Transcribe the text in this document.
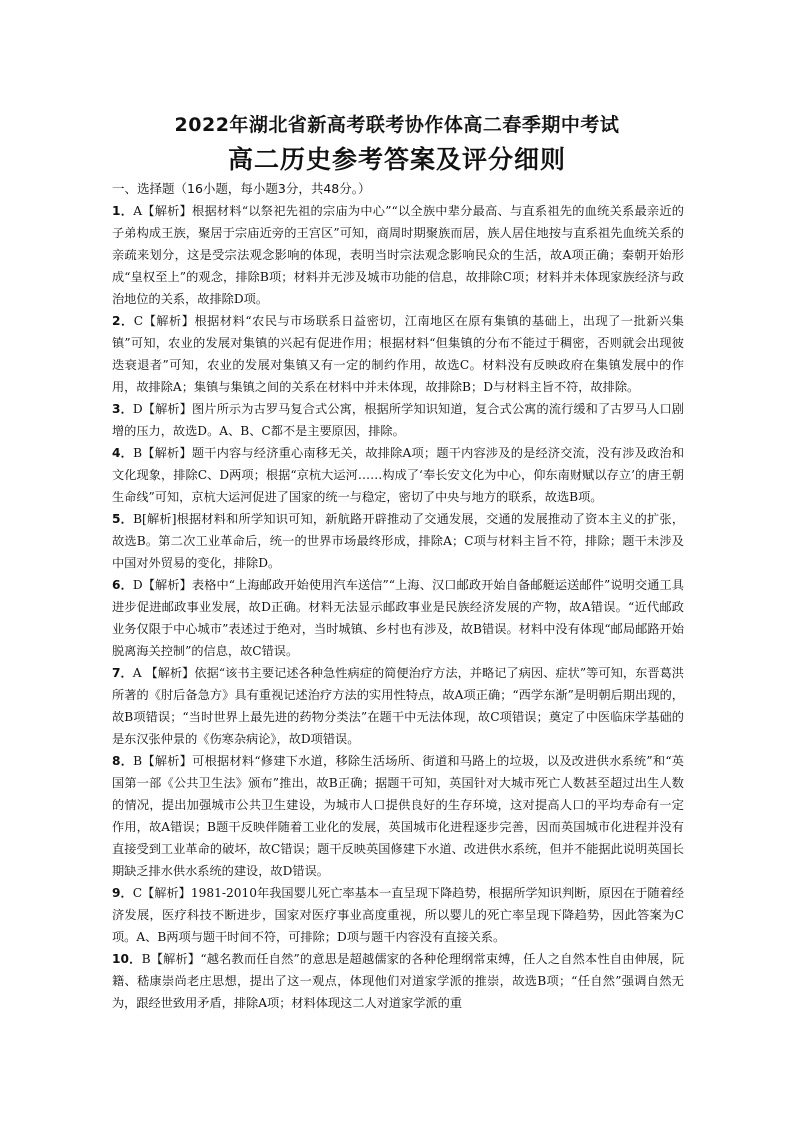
2022年湖北省新高考联考协作体高二春季期中考试
高二历史参考答案及评分细则

一、选择题（16小题，每小题3分，共48分。）

1．A【解析】根据材料“以祭祀先祖的宗庙为中心”“以全族中辈分最高、与直系祖先的血统关系最亲近的子弟构成王族，聚居于宗庙近旁的王宫区”可知，商周时期聚族而居，族人居住地按与直系祖先血统关系的亲疏来划分，这是受宗法观念影响的体现，表明当时宗法观念影响民众的生活，故A项正确；秦朝开始形成“皇权至上”的观念，排除B项；材料并无涉及城市功能的信息，故排除C项；材料并未体现家族经济与政治地位的关系，故排除D项。

2．C【解析】根据材料“农民与市场联系日益密切，江南地区在原有集镇的基础上，出现了一批新兴集镇”可知，农业的发展对集镇的兴起有促进作用；根据材料“但集镇的分布不能过于稠密，否则就会出现彼迭衰退者”可知，农业的发展对集镇又有一定的制约作用，故选C。材料没有反映政府在集镇发展中的作用，故排除A；集镇与集镇之间的关系在材料中并未体现，故排除B；D与材料主旨不符，故排除。

3．D【解析】图片所示为古罗马复合式公寓，根据所学知识知道，复合式公寓的流行缓和了古罗马人口剧增的压力，故选D。A、B、C都不是主要原因，排除。

4．B【解析】题干内容与经济重心南移无关，故排除A项；题干内容涉及的是经济交流，没有涉及政治和文化现象，排除C、D两项；根据“京杭大运河……构成了‘奉长安文化为中心，仰东南财赋以存立’的唐王朝生命线”可知，京杭大运河促进了国家的统一与稳定，密切了中央与地方的联系，故选B项。

5．B[解析]根据材料和所学知识可知，新航路开辟推动了交通发展，交通的发展推动了资本主义的扩张，故选B。第二次工业革命后，统一的世界市场最终形成，排除A；C项与材料主旨不符，排除；题干未涉及中国对外贸易的变化，排除D。

6．D【解析】表格中“上海邮政开始使用汽车送信”“上海、汉口邮政开始自备邮艇运送邮件”说明交通工具进步促进邮政事业发展，故D正确。材料无法显示邮政事业是民族经济发展的产物，故A错误。“近代邮政业务仅限于中心城市”表述过于绝对，当时城镇、乡村也有涉及，故B错误。材料中没有体现“邮局邮路开始脱离海关控制”的信息，故C错误。

7．A 【解析】依据“该书主要记述各种急性病症的简便治疗方法，并略记了病因、症状”等可知，东晋葛洪所著的《肘后备急方》具有重视记述治疗方法的实用性特点，故A项正确；“西学东渐”是明朝后期出现的，故B项错误；“当时世界上最先进的药物分类法”在题干中无法体现，故C项错误；奠定了中医临床学基础的是东汉张仲景的《伤寒杂病论》，故D项错误。

8．B【解析】可根据材料“修建下水道，移除生活场所、街道和马路上的垃圾，以及改进供水系统”和“英国第一部《公共卫生法》颁布”推出，故B正确；据题干可知，英国针对大城市死亡人数甚至超过出生人数的情况，提出加强城市公共卫生建设，为城市人口提供良好的生存环境，这对提高人口的平均寿命有一定作用，故A错误；B题干反映伴随着工业化的发展，英国城市化进程逐步完善，因而英国城市化进程并没有直接受到工业革命的破坏，故C错误；题干反映英国修建下水道、改进供水系统，但并不能据此说明英国长期缺乏排水供水系统的建设，故D错误。

9．C【解析】1981-2010年我国婴儿死亡率基本一直呈现下降趋势，根据所学知识判断，原因在于随着经济发展，医疗科技不断进步，国家对医疗事业高度重视，所以婴儿的死亡率呈现下降趋势，因此答案为C项。A、B两项与题干时间不符，可排除；D项与题干内容没有直接关系。

10．B【解析】“越名教而任自然”的意思是超越儒家的各种伦理纲常束缚，任人之自然本性自由伸展，阮籍、嵇康崇尚老庄思想，提出了这一观点，体现他们对道家学派的推崇，故选B项；“任自然”强调自然无为，跟经世致用矛盾，排除A项；材料体现这二人对道家学派的重
